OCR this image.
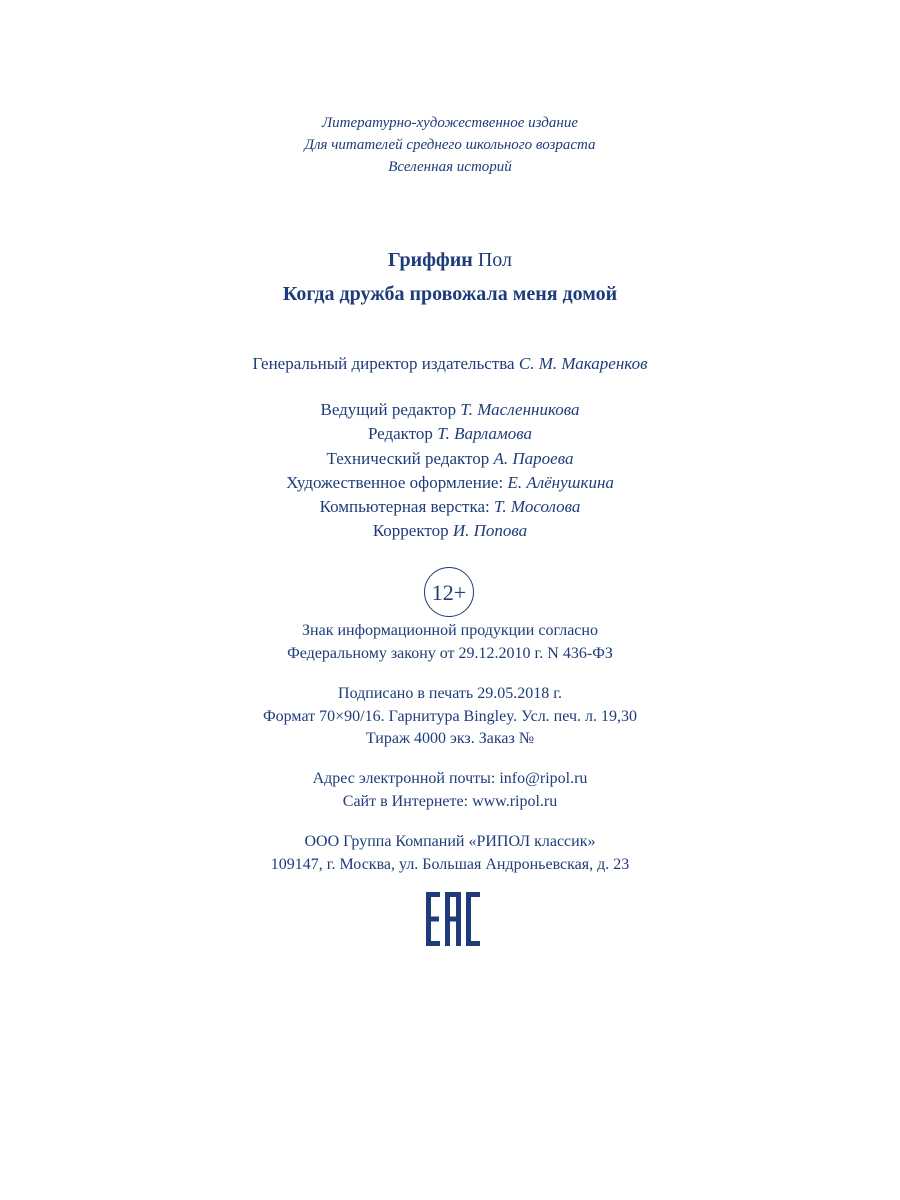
Литературно-художественное издание
Для читателей среднего школьного возраста
Вселенная историй
Гриффин Пол
Когда дружба провожала меня домой
Генеральный директор издательства С. М. Макаренков
Ведущий редактор Т. Масленникова
Редактор Т. Варламова
Технический редактор А. Пароева
Художественное оформление: Е. Алёнушкина
Компьютерная верстка: Т. Мосолова
Корректор И. Попова
12+
Знак информационной продукции согласно
Федеральному закону от 29.12.2010 г. N 436-ФЗ
Подписано в печать 29.05.2018 г.
Формат 70×90/16. Гарнитура Bingley. Усл. печ. л. 19,30
Тираж 4000 экз. Заказ №
Адрес электронной почты: info@ripol.ru
Сайт в Интернете: www.ripol.ru
ООО Группа Компаний «РИПОЛ классик»
109147, г. Москва, ул. Большая Андроньевская, д. 23
